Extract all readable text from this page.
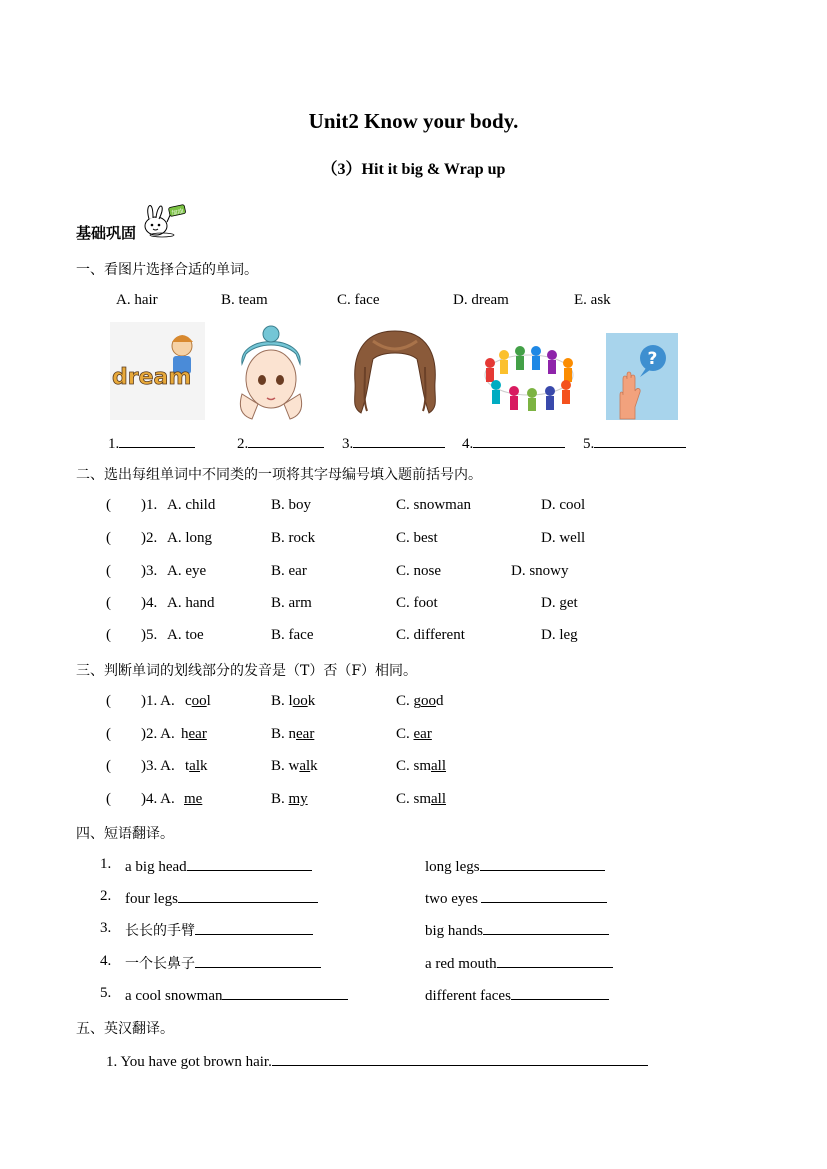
Unit2 Know your body.
（3）Hit it big & Wrap up
基础巩固
加油
一、看图片选择合适的单词。
A. hair	B. team	C. face	D. dream	E. ask
dream
?
1.	2.	3.	4.	5.
二、选出每组单词中不同类的一项将其字母编号填入题前括号内。
( )1. A. child	B. boy	C. snowman	D. cool
( )2. A. long	B. rock	C. best	D. well
( )3. A. eye	B. ear	C. nose	D. snowy
( )4. A. hand	B. arm	C. foot	D. get
( )5. A. toe	B. face	C. different	D. leg
三、判断单词的划线部分的发音是（T）否（F）相同。
( )1. A. cool	B. look	C. good
( )2. A. hear	B. near	C. ear
( )3. A. talk	B. walk	C. small
( )4. A. me	B. my	C. small
四、短语翻译。
1. a big head	long legs
2. four legs	two eyes
3. 长长的手臂	big hands
4. 一个长鼻子	a red mouth
5. a cool snowman	different faces
五、英汉翻译。
1. You have got brown hair.
